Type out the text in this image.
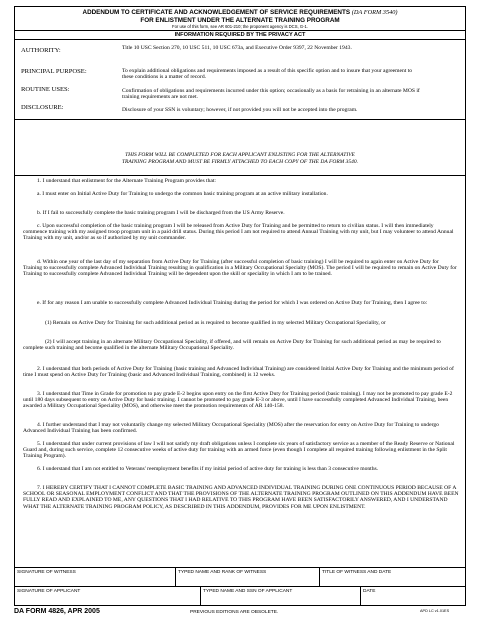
ADDENDUM TO CERTIFICATE AND ACKNOWLEDGEMENT OF SERVICE REQUIREMENTS (DA FORM 3540)
FOR ENLISTMENT UNDER THE ALTERNATE TRAINING PROGRAM
For use of this form, see AR 601-210; the proponent agency is DCS, G-1.
INFORMATION REQUIRED BY THE PRIVACY ACT
AUTHORITY:	Title 10 USC Section 270, 10 USC 511, 10 USC 673a, and Executive Order 9397, 22 November 1943.
PRINCIPAL PURPOSE:	To explain additional obligations and requirements imposed as a result of this specific option and to insure that your agreement to these conditions is a matter of record.
ROUTINE USES:	Confirmation of obligations and requirements incurred under this option; occasionally as a basis for retraining in an alternate MOS if training requirements are not met.
DISCLOSURE:	Disclosure of your SSN is voluntary; however, if not provided you will not be accepted into the program.
THIS FORM WILL BE COMPLETED FOR EACH APPLICANT ENLISTING FOR THE ALTERNATIVE
TRAINING PROGRAM AND MUST BE FIRMLY ATTACHED TO EACH COPY OF THE DA FORM 3540.
1. I understand that enlistment for the Alternate Training Program provides that:
a. I must enter on Initial Active Duty for Training to undergo the common basic training program at an active military installation.
b. If I fail to successfully complete the basic training program I will be discharged from the US Army Reserve.
c. Upon successful completion of the basic training program I will be released from Active Duty for Training and be permitted to return to civilian status. I will then immediately commence training with my assigned troop program unit in a paid drill status. During this period I am not required to attend Annual Training with my unit, but I may volunteer to attend Annual Training with my unit, and/or as so if authorized by my unit commander.
d. Within one year of the last day of my separation from Active Duty for Training (after successful completion of basic training) I will be required to again enter on Active Duty for Training to successfully complete Advanced Individual Training resulting in qualification in a Military Occupational Specialty (MOS). The period I will be required to remain on Active Duty for Training to successfully complete Advanced Individual Training will be dependent upon the skill or speciality in which I am to be trained.
e. If for any reason I am unable to successfully complete Advanced Individual Training during the period for which I was ordered on Active Duty for Training, then I agree to:
(1) Remain on Active Duty for Training for such additional period as is required to become qualified in my selected Military Occupational Speciality, or
(2) I will accept training in an alternate Military Occupational Speciality, if offered, and will remain on Active Duty for Training for such additional period as may be required to complete such training and become qualified in the alternate Military Occupational Speciality.
2. I understand that both periods of Active Duty for Training (basic training and Advanced Individual Training) are considered Initial Active Duty for Training and the minimum period of time I must spend on Active Duty for Training (basic and Advanced Individual Training, combined) is 12 weeks.
3. I understand that Time in Grade for promotion to pay grade E-2 begins upon entry on the first Active Duty for Training period (basic training). I may not be promoted to pay grade E-2 until 180 days subsequent to entry on Active Duty for basic training. I cannot be promoted to pay grade E-3 or above, until I have successfully completed Advanced Individual Training, been awarded a Military Occupational Speciality (MOS), and otherwise meet the promotion requirements of AR 140-158.
4. I further understand that I may not voluntarily change my selected Military Occupational Speciality (MOS) after the reservation for entry on Active Duty for Training to undergo Advanced Individual Training has been confirmed.
5. I understand that under current provisions of law I will not satisfy my draft obligations unless I complete six years of satisfactory service as a member of the Ready Reserve or National Guard and, during such service, complete 12 consecutive weeks of active duty for training with an armed force (even though I complete all required training following enlistment in the Split Training Program).
6. I understand that I am not entitled to Veterans' reemployment benefits if my initial period of active duty for training is less than 3 consecutive months.
7. I HEREBY CERTIFY THAT I CANNOT COMPLETE BASIC TRAINING AND ADVANCED INDIVIDUAL TRAINING DURING ONE CONTINUOUS PERIOD BECAUSE OF A SCHOOL OR SEASONAL EMPLOYMENT CONFLICT AND THAT THE PROVISIONS OF THE ALTERNATE TRAINING PROGRAM OUTLINED ON THIS ADDENDUM HAVE BEEN FULLY READ AND EXPLAINED TO ME, ANY QUESTIONS THAT I HAD RELATIVE TO THIS PROGRAM HAVE BEEN SATISFACTORILY ANSWERED, AND I UNDERSTAND WHAT THE ALTERNATE TRAINING PROGRAM POLICY, AS DESCRIBED IN THIS ADDENDUM, PROVIDES FOR ME UPON ENLISTMENT.
SIGNATURE OF WITNESS	TYPED NAME AND RANK OF WITNESS	TITLE OF WITNESS AND DATE
SIGNATURE OF APPLICANT	TYPED NAME AND SSN OF APPLICANT	DATE
DA FORM 4826, APR 2005	PREVIOUS EDITIONS ARE OBSOLETE.	APD LC v1.01ES
